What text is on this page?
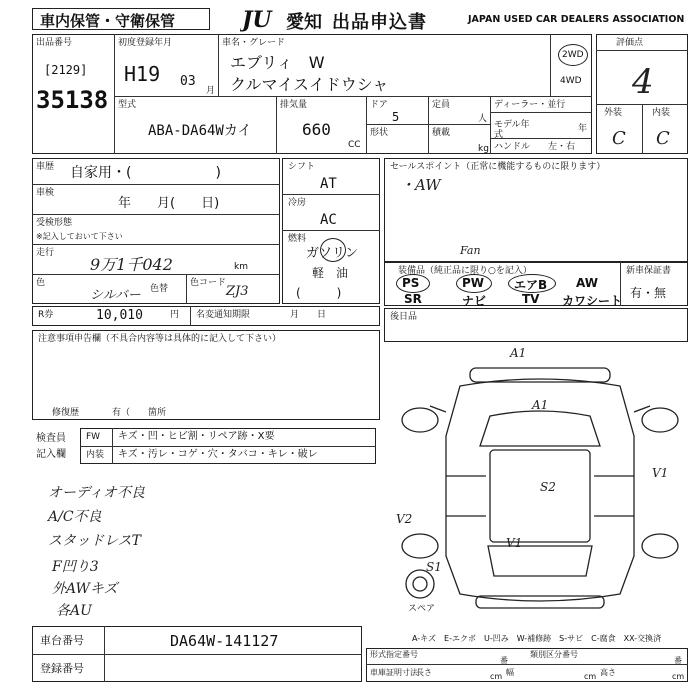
車内保管・守衛保管	JU 愛知 出品申込書	JAPAN USED CAR DEALERS ASSOCIATION
出品番号
[2129]
35138
初度登録年月
H19 03
月
車名・グレード
エブリィ　W
クルマイスイドウシャ
2WD
4WD
評価点
4
外装	内装
C C
型式
ABA-DA64Wカイ
排気量
660
CC
ドア
5
定員
人
形状	積載
kg
ディーラー・並行
モデル年式
年
ハンドル 左・右
車歴 自家用・(　　　　　　)
車検
年　　月(　　日)
受検形態
※記入しておいて下さい
走行
9万1千042	km
色
シルバー 色替
色コード
ZJ3
シフト
AT
冷房
AC
燃料
ガソリン
軽　油
(　　　)
セールスポイント（正常に機能するものに限ります）
・AW
Fan
装備品（純正品に限り○を記入）	新車保証書
有・無
PS	PW エアB AW
SR	ナビ	TV カワシート
R券	10,010	円 名変通知期限	月　　日	後日品
注意事項申告欄（不具合内容等は具体的に記入して下さい）
修復歴	有（　　箇所
検査員
記入欄
FW キズ・凹・ヒビ割・リペア跡・X要
内装 キズ・汚レ・コゲ・穴・タバコ・キレ・破レ
オーディオ不良
A/C不良
スタッドレスT
F凹り3
外AWキズ
各AU
A1
A1
V1
S2
V2
V1
S1
スペア
A-キズ　E-エクボ　U-凹み　W-補修跡　S-サビ　C-腐食　XX-交換済
車台番号	DA64W-141127
登録番号
形式指定番号
番
類別区分番号
番
車庫証明寸法
長さ	cm 幅	cm 高さ	cm
